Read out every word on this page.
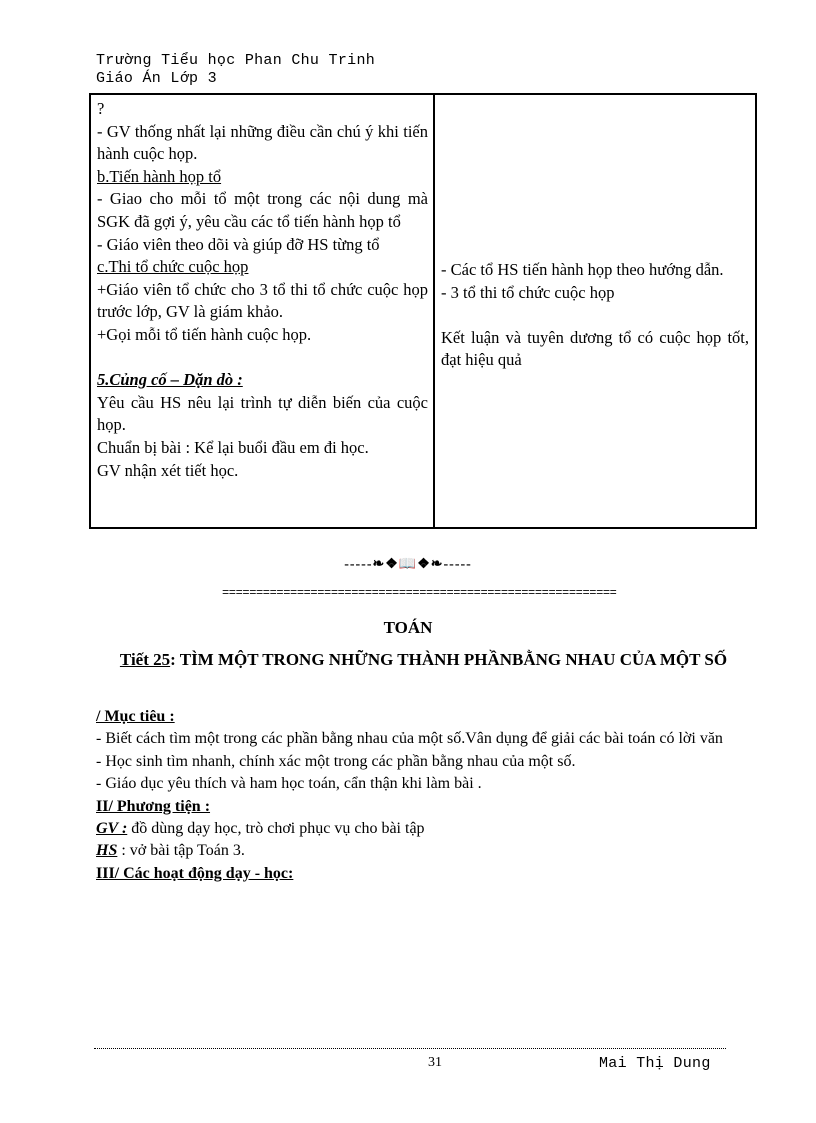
Trường Tiểu học Phan Chu Trinh
Giáo Án Lớp 3

?

- GV thống nhất lại những điều cần chú ý khi tiến hành cuộc họp.

b.Tiến hành họp tổ

- Giao cho mỗi tổ một trong các nội dung mà SGK đã gợi ý, yêu cầu các tổ tiến hành họp tổ

- Giáo viên theo dõi và giúp đỡ HS từng tổ

c.Thi tổ chức cuộc họp

+Giáo viên tổ chức cho 3 tổ thi tổ chức cuộc họp trước lớp, GV là giám khảo.

+Gọi mỗi tổ tiến hành cuộc họp.

5.Củng cố – Dặn dò :

Yêu cầu HS nêu lại trình tự diễn biến của cuộc họp.

Chuẩn bị bài : Kể lại buổi đầu em đi học.

GV nhận xét tiết học.

- Các tổ HS tiến hành họp theo hướng dẫn.

- 3 tổ thi tổ chức cuộc họp

Kết luận và tuyên dương tổ có cuộc họp tốt, đạt hiệu quả

-----❧❖📖❖❧-----
==========================================================
TOÁN
Tiết 25: TÌM MỘT TRONG NHỮNG THÀNH PHẦNBẰNG NHAU CỦA MỘT SỐ

/ Mục tiêu :

- Biết cách tìm một trong các phần bằng nhau của một số.Vân dụng để giải các bài toán có lời văn

- Học sinh tìm nhanh, chính xác một trong các phần bằng nhau của một số.

- Giáo dục yêu thích và ham học toán, cẩn thận khi làm bài .

II/ Phương tiện :

GV : đồ dùng dạy học, trò chơi phục vụ cho bài tập

HS : vở bài tập Toán 3.

III/ Các hoạt động dạy - học:

31	Mai Thị Dung
